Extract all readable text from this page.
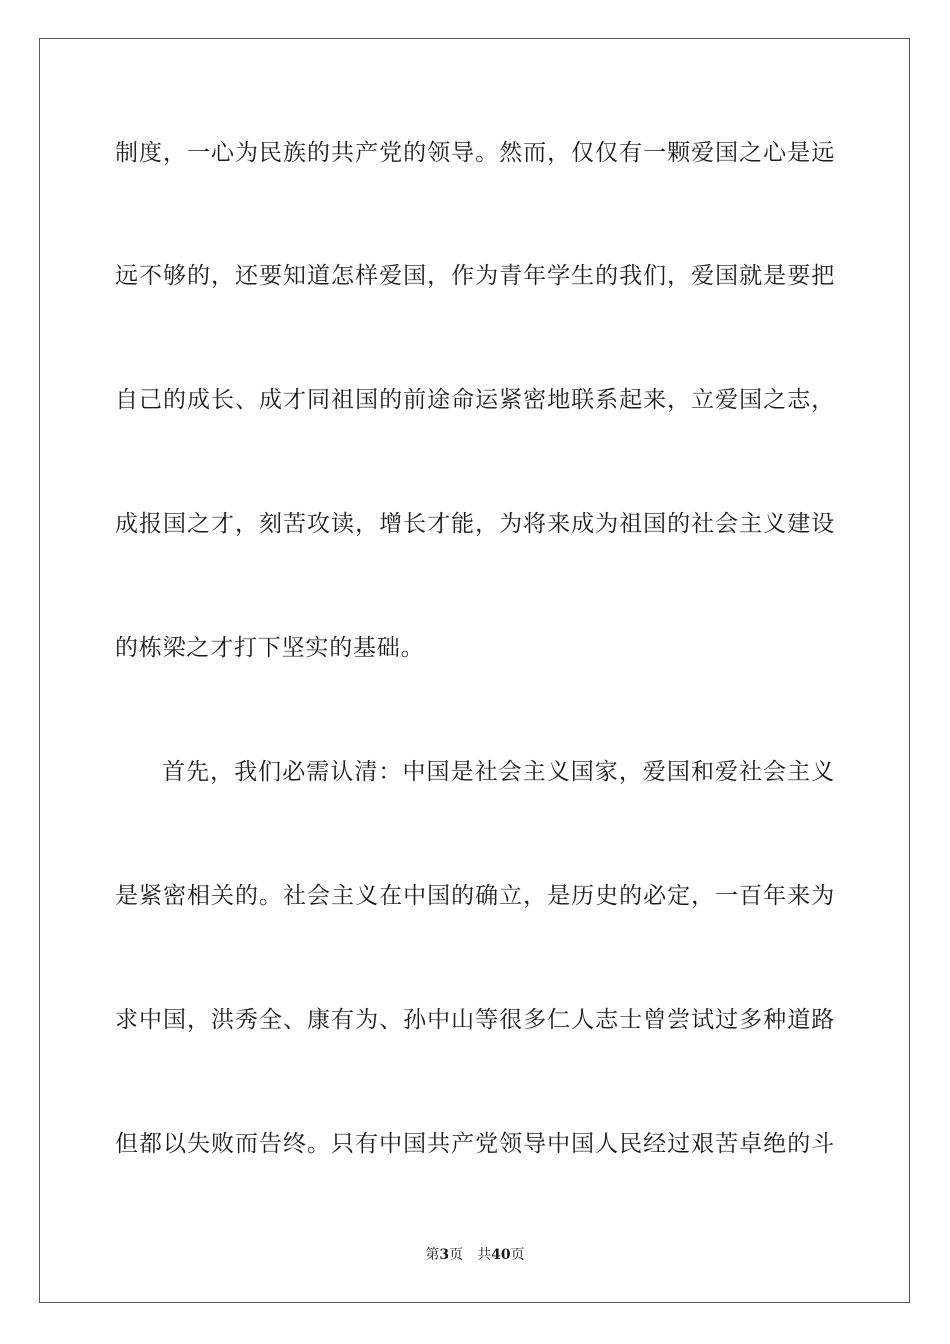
制度，一心为民族的共产党的领导。然而，仅仅有一颗爱国之心是远
远不够的，还要知道怎样爱国，作为青年学生的我们，爱国就是要把
自己的成长、成才同祖国的前途命运紧密地联系起来，立爱国之志，
成报国之才，刻苦攻读，增长才能，为将来成为祖国的社会主义建设
的栋梁之才打下坚实的基础。
首先，我们必需认清：中国是社会主义国家，爱国和爱社会主义
是紧密相关的。社会主义在中国的确立，是历史的必定，一百年来为
求中国，洪秀全、康有为、孙中山等很多仁人志士曾尝试过多种道路
但都以失败而告终。只有中国共产党领导中国人民经过艰苦卓绝的斗
第3页 共40页
